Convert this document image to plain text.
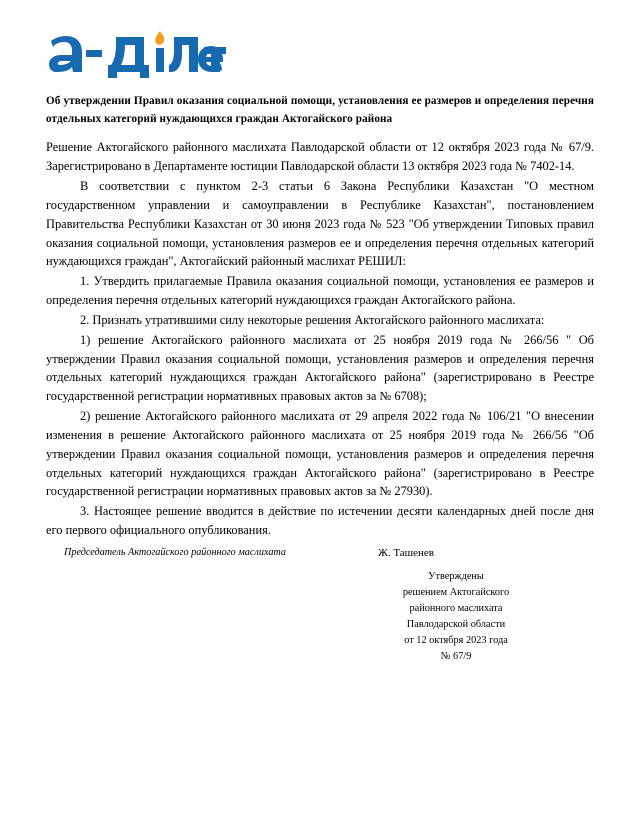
Об утверждении Правил оказания социальной помощи, установления ее размеров и определения перечня отдельных категорий нуждающихся граждан Актогайского района
Решение Актогайского районного маслихата Павлодарской области от 12 октября 2023 года № 67/9. Зарегистрировано в Департаменте юстиции Павлодарской области 13 октября 2023 года № 7402-14.
В соответствии с пунктом 2-3 статьи 6 Закона Республики Казахстан "О местном государственном управлении и самоуправлении в Республике Казахстан", постановлением Правительства Республики Казахстан от 30 июня 2023 года № 523 "Об утверждении Типовых правил оказания социальной помощи, установления размеров ее и определения перечня отдельных категорий нуждающихся граждан", Актогайский районный маслихат РЕШИЛ:
1. Утвердить прилагаемые Правила оказания социальной помощи, установления ее размеров и определения перечня отдельных категорий нуждающихся граждан Актогайского района.
2. Признать утратившими силу некоторые решения Актогайского районного маслихата:
1) решение Актогайского районного маслихата от 25 ноября 2019 года № 266/56 " Об утверждении Правил оказания социальной помощи, установления размеров и определения перечня отдельных категорий нуждающихся граждан Актогайского района" (зарегистрировано в Реестре государственной регистрации нормативных правовых актов за № 6708);
2) решение Актогайского районного маслихата от 29 апреля 2022 года № 106/21 "О внесении изменения в решение Актогайского районного маслихата от 25 ноября 2019 года № 266/56 "Об утверждении Правил оказания социальной помощи, установления размеров и определения перечня отдельных категорий нуждающихся граждан Актогайского района" (зарегистрировано в Реестре государственной регистрации нормативных правовых актов за № 27930).
3. Настоящее решение вводится в действие по истечении десяти календарных дней после дня его первого официального опубликования.
Председатель Актогайского районного маслихата	Ж. Ташенев
Утверждены
решением Актогайского
районного маслихата
Павлодарской области
от 12 октября 2023 года
№ 67/9
